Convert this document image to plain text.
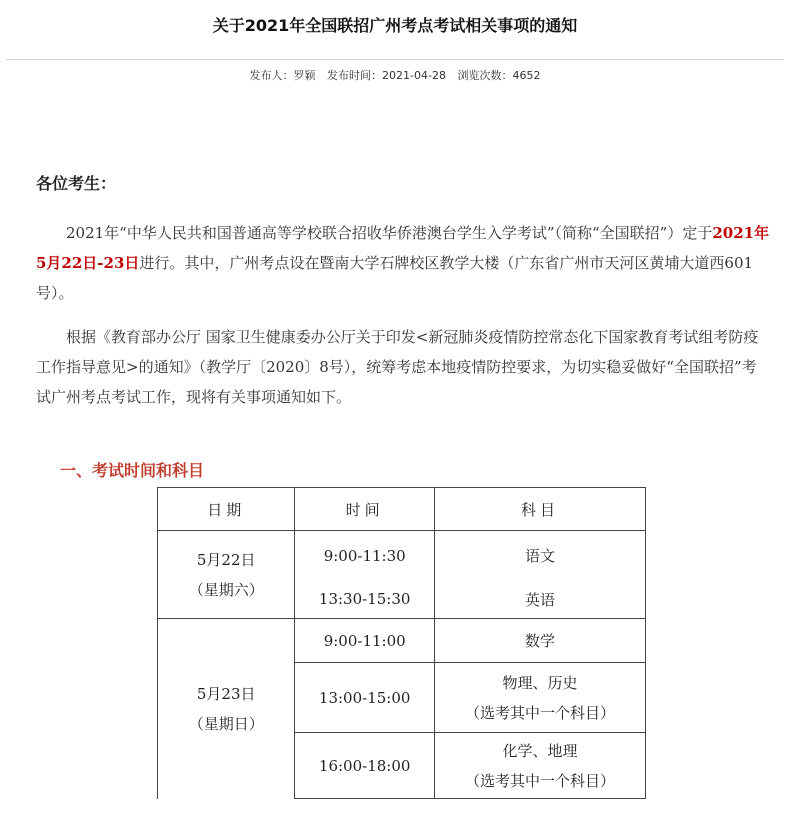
关于2021年全国联招广州考点考试相关事项的通知
发布人：罗颖 发布时间：2021-04-28 浏览次数：4652
各位考生：

2021年“中华人民共和国普通高等学校联合招收华侨港澳台学生入学考试”（简称“全国联招”）定于2021年5月22日-23日进行。其中，广州考点设在暨南大学石牌校区教学大楼（广东省广州市天河区黄埔大道西601号）。

根据《教育部办公厅 国家卫生健康委办公厅关于印发<新冠肺炎疫情防控常态化下国家教育考试组考防疫工作指导意见>的通知》（教学厅〔2020〕8号），统筹考虑本地疫情防控要求，为切实稳妥做好“全国联招”考试广州考点考试工作，现将有关事项通知如下。

一、考试时间和科目
日期	时间	科目

5月22日
（星期六）	9:00-11:30	语文
	13:30-15:30	英语

5月23日
（星期日）	9:00-11:00	数学
	13:00-15:00	物理、历史
（选考其中一个科目）

	16:00-18:00	化学、地理
（选考其中一个科目）
